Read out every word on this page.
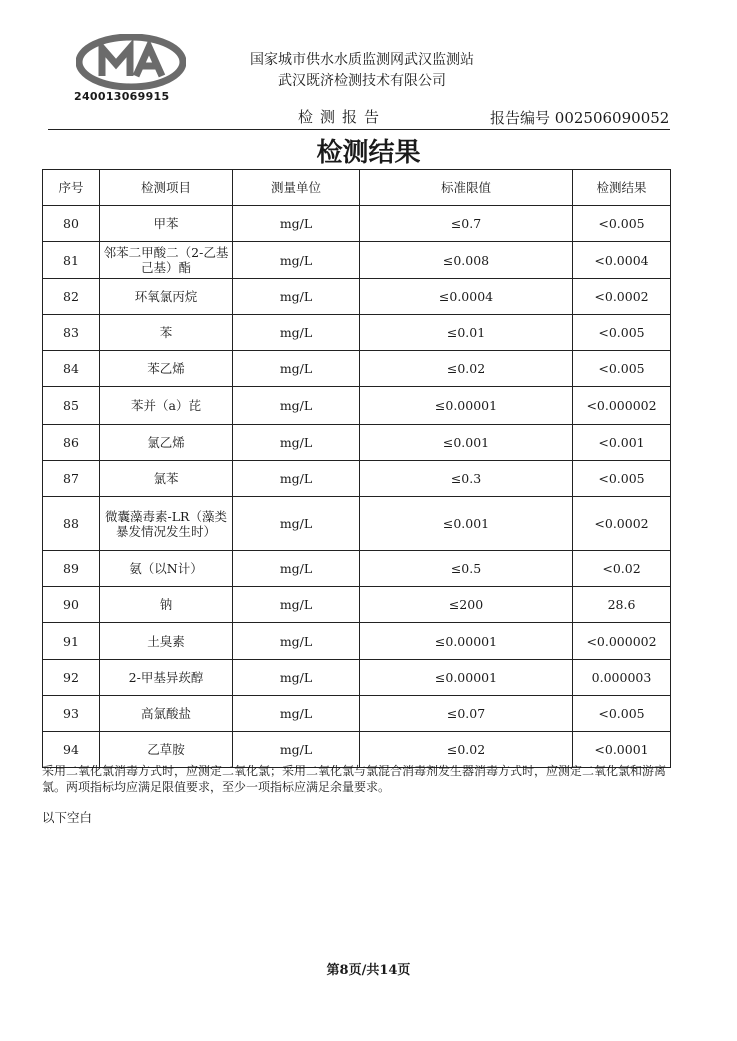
240013069915
国家城市供水水质监测网武汉监测站
武汉既济检测技术有限公司
检测报告	报告编号 002506090052
检测结果
序号	检测项目	测量单位	标准限值	检测结果
80	甲苯	mg/L	≤0.7	<0.005
81	邻苯二甲酸二（2-乙基己基）酯	mg/L	≤0.008	<0.0004
82	环氧氯丙烷	mg/L	≤0.0004	<0.0002
83	苯	mg/L	≤0.01	<0.005
84	苯乙烯	mg/L	≤0.02	<0.005
85	苯并（a）芘	mg/L	≤0.00001	<0.000002
86	氯乙烯	mg/L	≤0.001	<0.001
87	氯苯	mg/L	≤0.3	<0.005
88	微囊藻毒素-LR（藻类暴发情况发生时）	mg/L	≤0.001	<0.0002
89	氨（以N计）	mg/L	≤0.5	<0.02
90	钠	mg/L	≤200	28.6
91	土臭素	mg/L	≤0.00001	<0.000002
92	2-甲基异莰醇	mg/L	≤0.00001	0.000003
93	高氯酸盐	mg/L	≤0.07	<0.005
94	乙草胺	mg/L	≤0.02	<0.0001
采用二氧化氯消毒方式时，应测定二氧化氯；采用二氧化氯与氯混合消毒剂发生器消毒方式时，应测定二氧化氯和游离氯。两项指标均应满足限值要求，至少一项指标应满足余量要求。
以下空白
第8页/共14页
